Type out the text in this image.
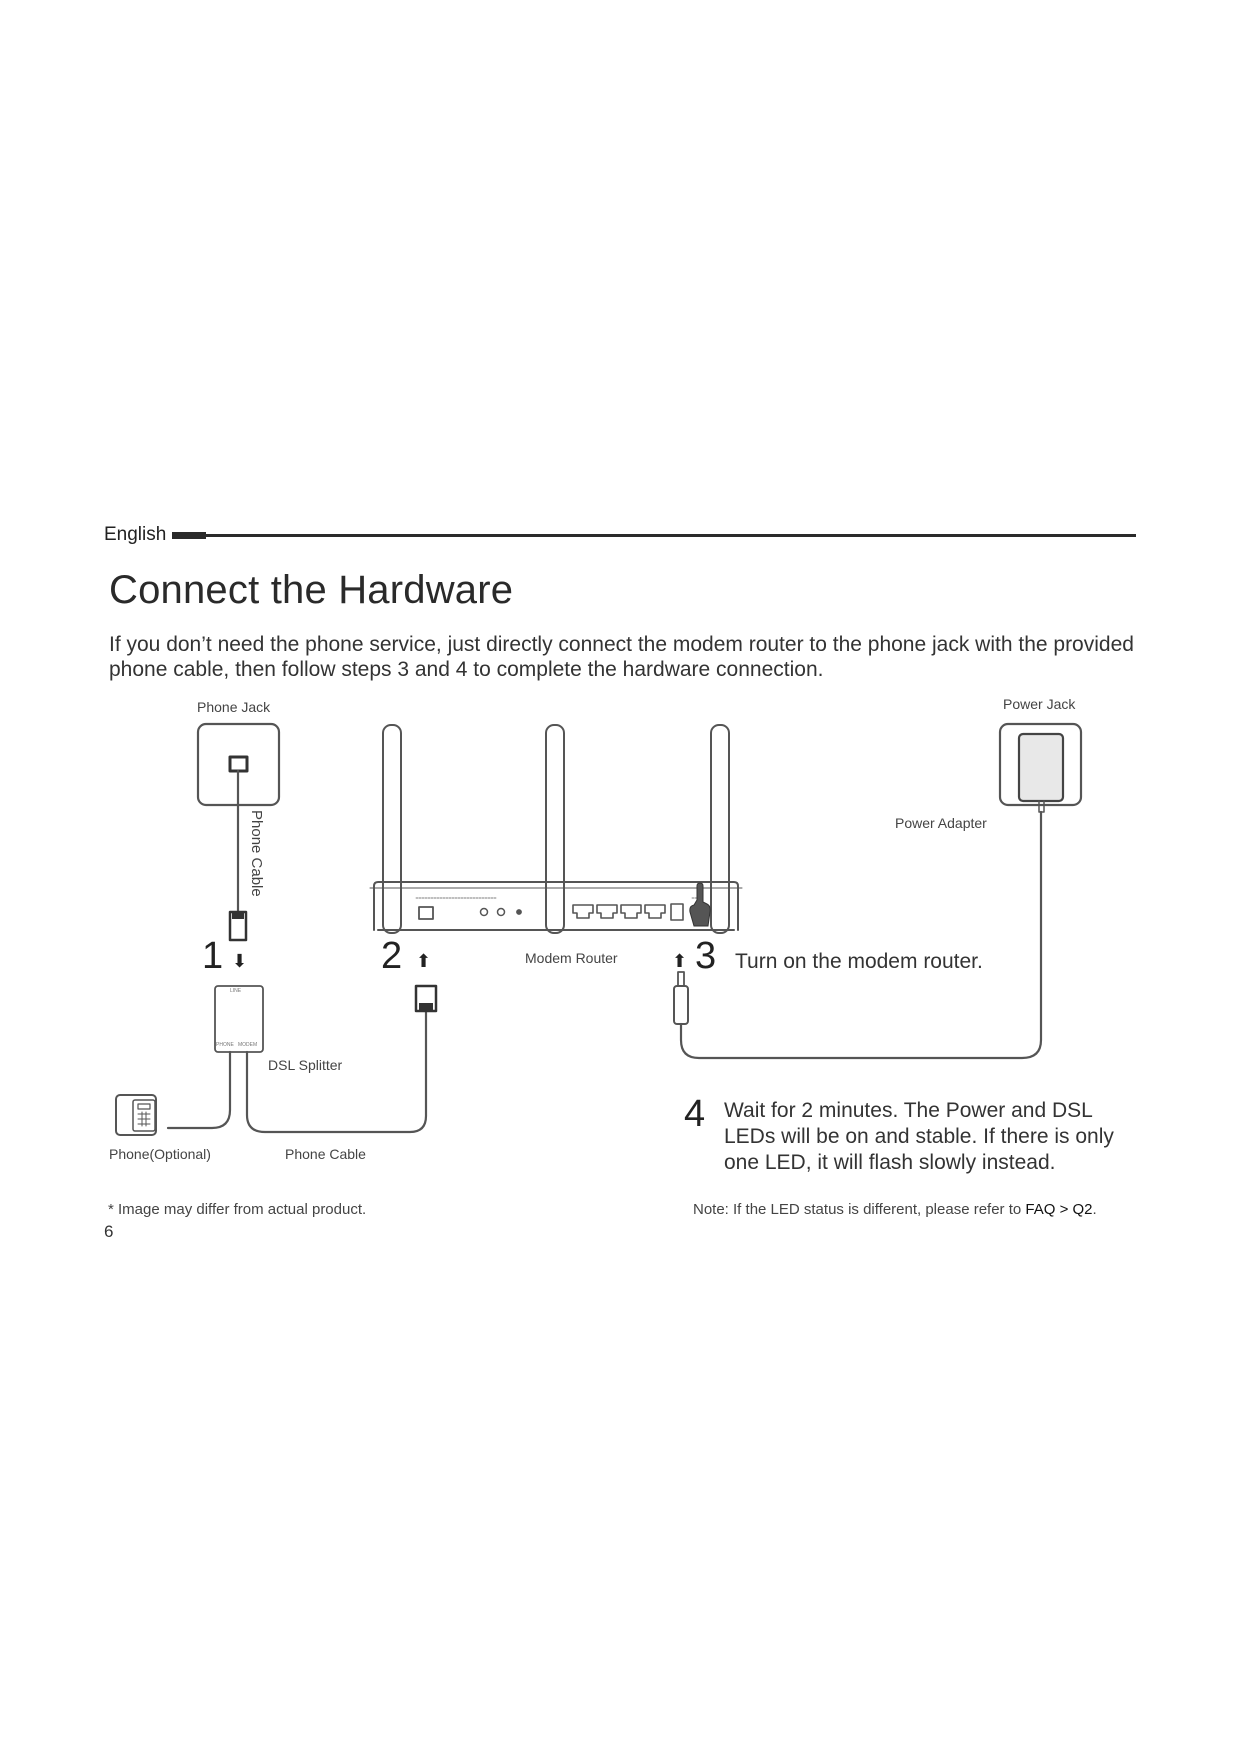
English
Connect the Hardware

If you don’t need the phone service, just directly connect the modem router to the phone jack with the provided phone cable, then follow steps 3 and 4 to complete the hardware connection.

Phone Jack
Phone Cable
Power Jack
Power Adapter
Modem Router
DSL Splitter
Phone(Optional)	Phone Cable
LINE
PHONE MODEM
1 ⬇	2 ⬆	⬆ 3 Turn on the modem router.
4 Wait for 2 minutes. The Power and DSL LEDs will be on and stable. If there is only one LED, it will flash slowly instead.
* Image may differ from actual product.	Note: If the LED status is different, please refer to FAQ > Q2.
6
